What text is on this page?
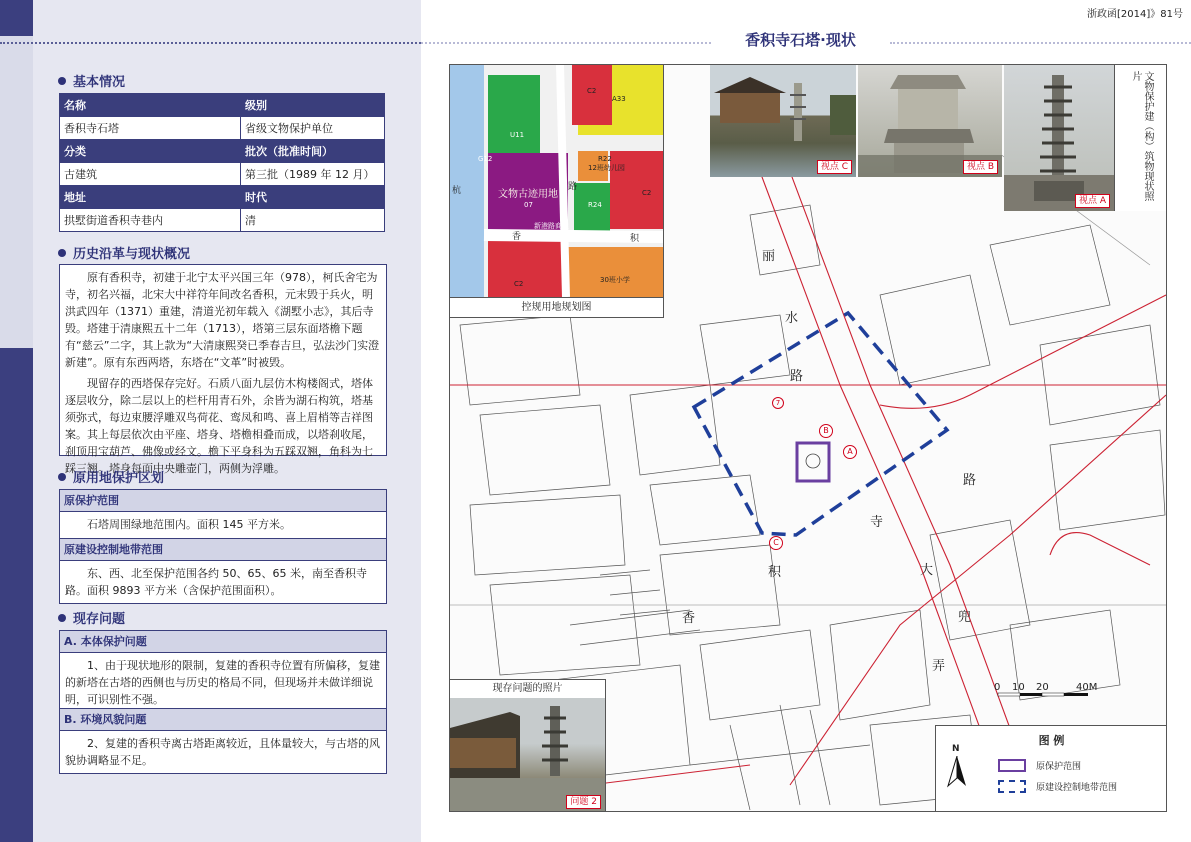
基本情况
名称	级别
香积寺石塔	省级文物保护单位
分类	批次（批准时间）
古建筑	第三批（1989 年 12 月）
地址	时代
拱墅街道香积寺巷内	清
历史沿革与现状概况
原有香积寺，初建于北宁太平兴国三年（978），柯氏舍宅为寺，初名兴福，北宋大中祥符年间改名香积，元末毁于兵火，明洪武四年（1371）重建，清道光初年载入《湖墅小志》，其后寺毁。塔建于清康熙五十二年（1713），塔第三层东面塔檐下题有“慈云”二字，其上款为“大清康熙癸已季春吉旦，弘法沙门实澄新建”。原有东西两塔，东塔在“文革”时被毁。
现留存的西塔保存完好。石质八面九层仿木构楼阁式，塔体逐层收分，除二层以上的栏杆用青石外，余皆为湖石构筑，塔基须弥式，每边束腰浮雕双鸟荷花、鸾凤和鸣、喜上眉梢等吉祥图案。其上每层依次由平座、塔身、塔檐相叠而成，以塔刹收尾，刹顶用宝葫芦、佛像或经文。檐下平身科为五踩双翘，角科为七踩三翘。塔身每面中央雕壶门，两侧为浮雕。
原用地保护区划
原保护范围
石塔周围绿地范围内。面积 145 平方米。
原建设控制地带范围
东、西、北至保护范围各约 50、65、65 米，南至香积寺路。面积 9893 平方米（含保护范围面积）。
现存问题
A. 本体保护问题
1、由于现状地形的限制，复建的香积寺位置有所偏移，复建的新塔在古塔的西侧也与历史的格局不同，但现场并未做详细说明，可识别性不强。
B. 环境风貌问题
2、复建的香积寺离古塔距离较近，且体量较大，与古塔的风貌协调略显不足。
浙政函[2014]》81号
香积寺石塔·现状
文物古迹用地
07
新港路商业
U11
G12
A33
C2
R22
12班幼儿园
C2
R24
C2	30班小学
杭	路
香	积
控规用地规划图
视点 C	视点 B
视点 A	文物保护建（构）筑物现状照片
丽
水
路
路
寺
积	大
香	兜
弄
A
B
C
7
0 10 20	40M
现存问题的照片
问题 2
图 例
N
原保护范围
原建设控制地带范围
